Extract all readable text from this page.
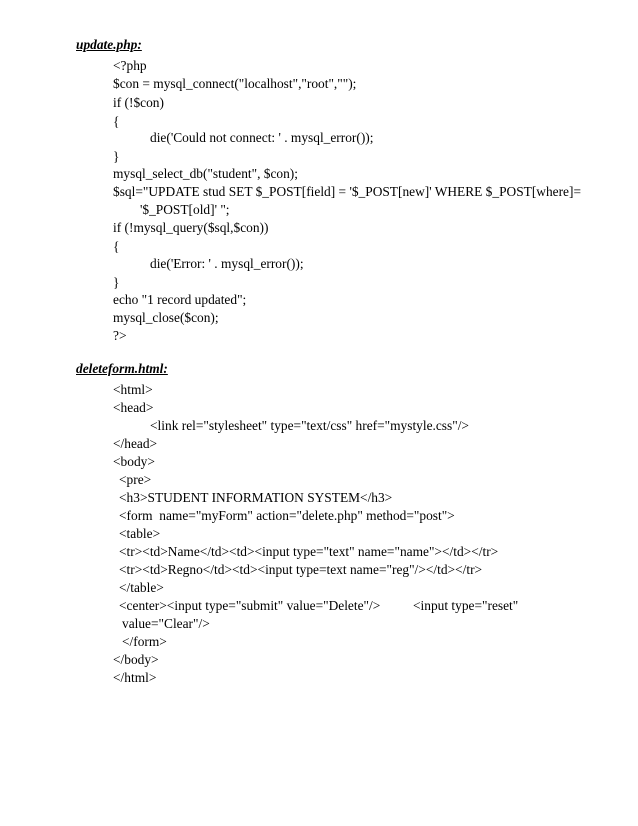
update.php:
<?php
$con = mysql_connect("localhost","root","");
if (!$con)
{
die('Could not connect: ' . mysql_error());
}
mysql_select_db("student", $con);
$sql="UPDATE stud SET $_POST[field] = '$_POST[new]' WHERE $_POST[where]=
'$_POST[old]' ";
if (!mysql_query($sql,$con))
{
die('Error: ' . mysql_error());
}
echo "1 record updated";
mysql_close($con);
?>
deleteform.html:
<html>
<head>
<link rel="stylesheet" type="text/css" href="mystyle.css"/>
</head>
<body>
<pre>
<h3>STUDENT INFORMATION SYSTEM</h3>
<form  name="myForm" action="delete.php" method="post">
<table>
<tr><td>Name</td><td><input type="text" name="name"></td></tr>
<tr><td>Regno</td><td><input type=text name="reg"/></td></tr>
</table>
<center><input type="submit" value="Delete"/> <input type="reset"
value="Clear"/>
</form>
</body>
</html>
